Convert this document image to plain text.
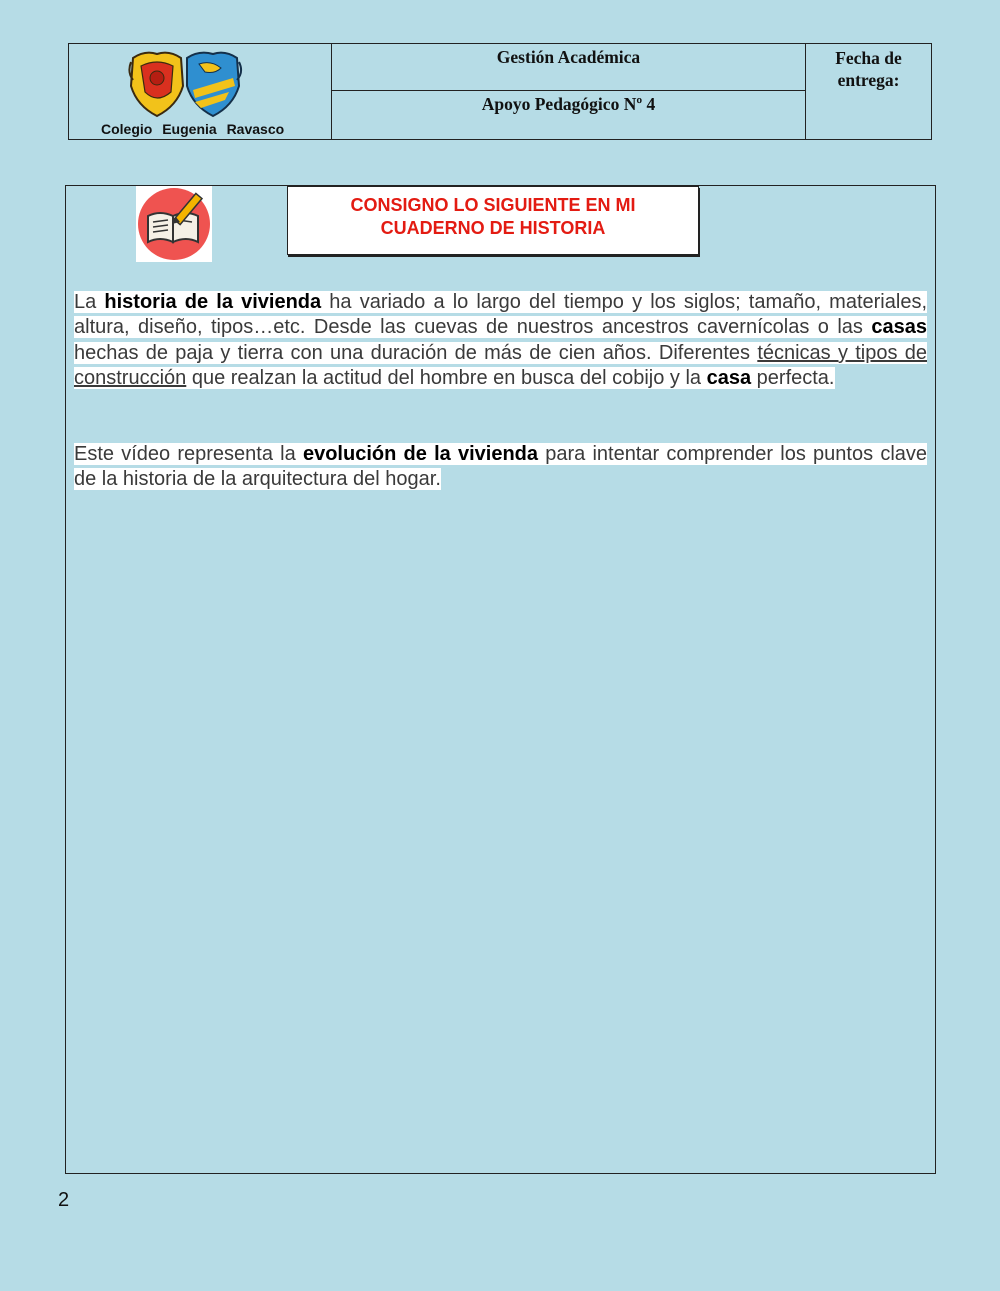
Colegio Eugenia Ravasco
Gestión Académica
Apoyo Pedagógico Nº 4
Fecha de
entrega:
CONSIGNO LO SIGUIENTE EN MI
CUADERNO DE HISTORIA
La historia de la vivienda ha variado a lo largo del tiempo y los siglos; tamaño, materiales, altura, diseño, tipos…etc. Desde las cuevas de nuestros ancestros cavernícolas o las casas hechas de paja y tierra con una duración de más de cien años. Diferentes técnicas y tipos de construcción que realzan la actitud del hombre en busca del cobijo y la casa perfecta.
Este vídeo representa la evolución de la vivienda para intentar comprender los puntos clave de la historia de la arquitectura del hogar.
2
